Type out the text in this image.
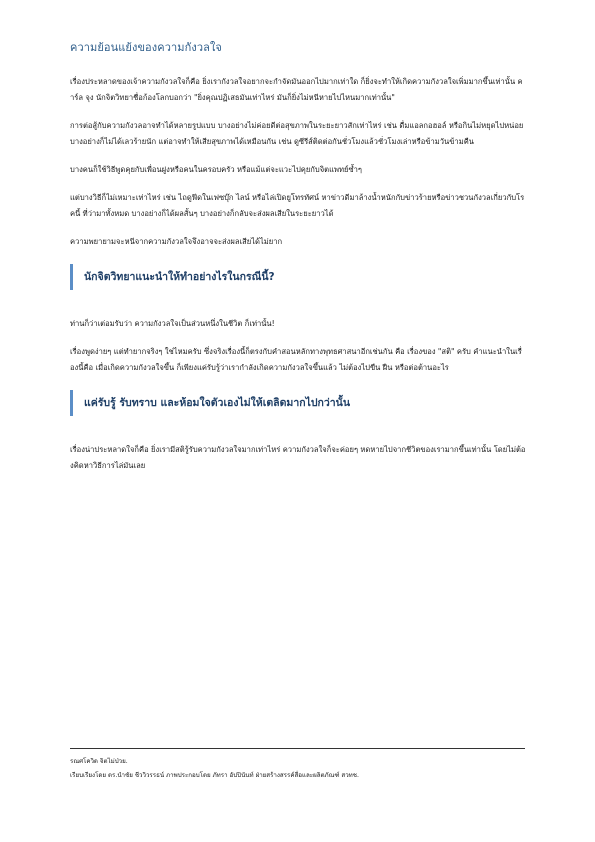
ความย้อนแย้งของความกังวลใจ

เรื่องประหลาดของเจ้าความกังวลใจก็คือ ยิ่งเรากังวลใจอยากจะกำจัดมันออกไปมากเท่าใด ก็ยิ่งจะทำให้เกิดความกังวลใจเพิ่มมากขึ้นเท่านั้น คาร์ล จุง นักจิตวิทยาชื่อก้องโลกบอกว่า "ยิ่งคุณปฏิเสธมันเท่าไหร่ มันก็ยิ่งไม่หนีหายไปไหนมากเท่านั้น"

การต่อสู้กับความกังวลอาจทำได้หลายรูปแบบ บางอย่างไม่ค่อยดีต่อสุขภาพในระยะยาวสักเท่าไหร่ เช่น ดื่มแอลกอฮอล์ หรือกินไม่หยุดไปหน่อย บางอย่างก็ไม่ได้เลวร้ายนัก แต่อาจทำให้เสียสุขภาพได้เหมือนกัน เช่น ดูซีรีส์ติดต่อกันชั่วโมงแล้วชั่วโมงเล่าหรือข้ามวันข้ามคืน

บางคนก็ใช้วิธีพูดคุยกับเพื่อนฝูงหรือคนในครอบครัว หรือแม้แต่จะแวะไปคุยกับจิตแพทย์ซ้ำๆ

แต่บางวิธีก็ไม่เหมาะเท่าไหร่ เช่น ไถดูฟีดในเฟซบุ๊ก ไลน์ หรือไล่เปิดยูโทรทัศน์ หาข่าวดีมาล้างน้ำหนักกับข่าวร้ายหรือข่าวชวนกังวลเกี่ยวกับโรคนี้ ที่ว่ามาทั้งหมด บางอย่างก็ได้ผลสั้นๆ บางอย่างก็กลับจะส่งผลเสียในระยะยาวได้

ความพยายามจะหนีจากความกังวลใจจึงอาจจะส่งผลเสียได้ไม่ยาก

นักจิตวิทยาแนะนำให้ทำอย่างไรในกรณีนี้?

ท่านก็ว่าเต่อมรับว่า ความกังวลใจเป็นส่วนหนึ่งในชีวิต ก็เท่านั้น!

เรื่องพูดง่ายๆ แต่ทำยากจริงๆ ใช่ไหมครับ ซึ่งจริงเรื่องนี้ก็ตรงกับคำสอนหลักทางพุทธศาสนาอีกเช่นกัน คือ เรื่องของ "สติ" ครับ คำแนะนำในเรื่องนี้คือ เมื่อเกิดความกังวลใจขึ้น ก็เพียงแค่รับรู้ว่าเรากำลังเกิดความกังวลใจขึ้นแล้ว ไม่ต้องไปขืน ฝืน หรือต่อต้านอะไร

แค่รับรู้ รับทราบ และห้อมใจตัวเองไม่ให้เตลิดมากไปกว่านั้น

เรื่องน่าประหลาดใจก็คือ ยิ่งเรามีสติรู้รับความกังวลใจมากเท่าไหร่ ความกังวลใจก็จะค่อยๆ หดหายไปจากชีวิตของเรามากขึ้นเท่านั้น โดยไม่ต้องคิดหาวิธีการไล่มันเลย

รณศโควิด จิตไม่ป่วย.
เรียบเรียงโดย ดร.นำชัย ชีววิวรรธน์ ภาพประกอบโดย ภัทรา อัปปินันท์ ฝ่ายสร้างสรรค์สื่อและผลิตภัณฑ์ สวทช.
